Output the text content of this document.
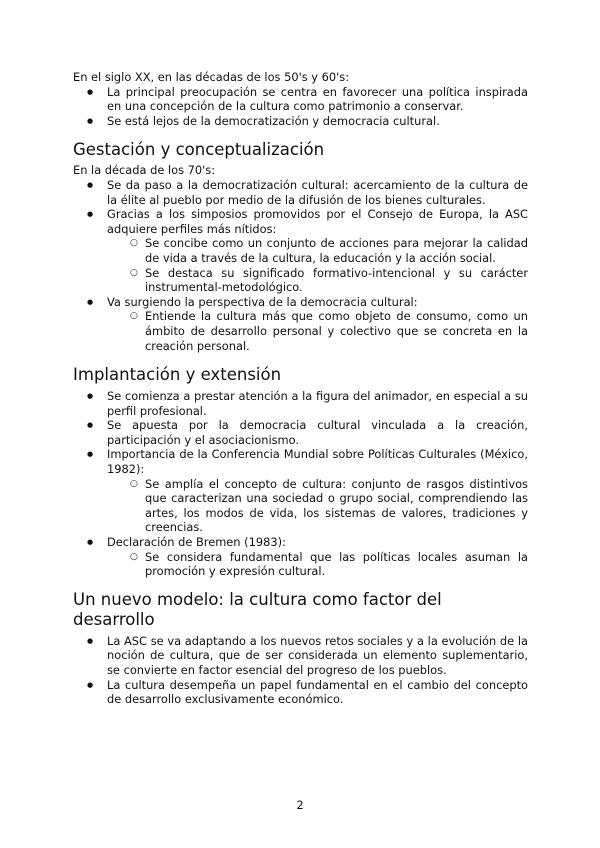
En el siglo XX, en las décadas de los 50's y 60's:

● La principal preocupación se centra en favorecer una política inspirada en una concepción de la cultura como patrimonio a conservar.
● Se está lejos de la democratización y democracia cultural.
Gestación y conceptualización

En la década de los 70's:

● Se da paso a la democratización cultural: acercamiento de la cultura de la élite al pueblo por medio de la difusión de los bienes culturales.
● Gracias a los simposios promovidos por el Consejo de Europa, la ASC adquiere perfiles más nítidos:
○ Se concibe como un conjunto de acciones para mejorar la calidad de vida a través de la cultura, la educación y la acción social.
○ Se destaca su significado formativo-intencional y su carácter instrumental-metodológico.
● Va surgiendo la perspectiva de la democracia cultural:
○ Entiende la cultura más que como objeto de consumo, como un ámbito de desarrollo personal y colectivo que se concreta en la creación personal.
Implantación y extensión
● Se comienza a prestar atención a la figura del animador, en especial a su perfil profesional.
● Se apuesta por la democracia cultural vinculada a la creación, participación y el asociacionismo.
● Importancia de la Conferencia Mundial sobre Políticas Culturales (México, 1982):
○ Se amplía el concepto de cultura: conjunto de rasgos distintivos que caracterizan una sociedad o grupo social, comprendiendo las artes, los modos de vida, los sistemas de valores, tradiciones y creencias.
● Declaración de Bremen (1983):
○ Se considera fundamental que las políticas locales asuman la promoción y expresión cultural.
Un nuevo modelo: la cultura como factor del desarrollo
● La ASC se va adaptando a los nuevos retos sociales y a la evolución de la noción de cultura, que de ser considerada un elemento suplementario, se convierte en factor esencial del progreso de los pueblos.
● La cultura desempeña un papel fundamental en el cambio del concepto de desarrollo exclusivamente económico.
2
